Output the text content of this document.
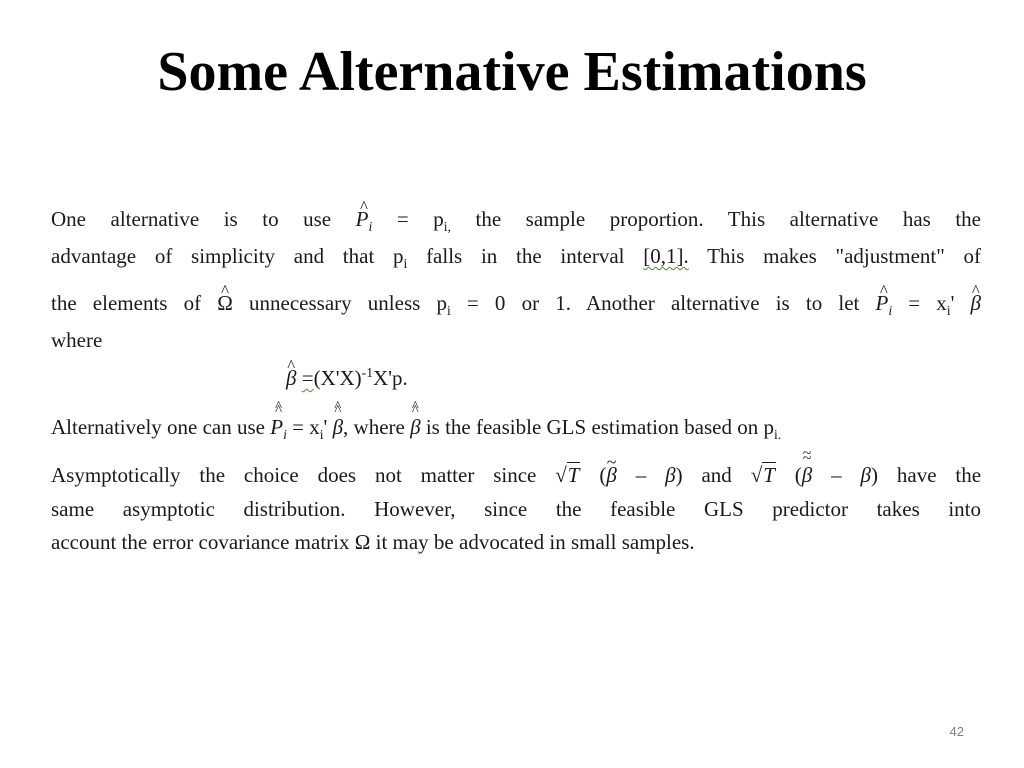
Some Alternative Estimations
One alternative is to use ^ $P_i = p_{i,}$ the sample proportion. This alternative has the
advantage of simplicity and that $p_i$ falls in the interval [0,1]. This makes "adjustment" of
the elements of ^ Ω unnecessary unless $p_i = 0$ or 1. Another alternative is to let ^ $P_i = x_i'$ ^ β
where
^ $\beta =(X'X)^{-1}X'p$.
Alternatively one can use ^ $P_i$ ^ = $x_i'$ ^ β ^, where ^ β ^ is the feasible GLS estimation based on $p_{i.}$
Asymptotically the choice does not matter since √T (~ β – β) and √T (~ β ~ – β) have the
same asymptotic distribution. However, since the feasible GLS predictor takes into
account the error covariance matrix Ω it may be advocated in small samples.
42
